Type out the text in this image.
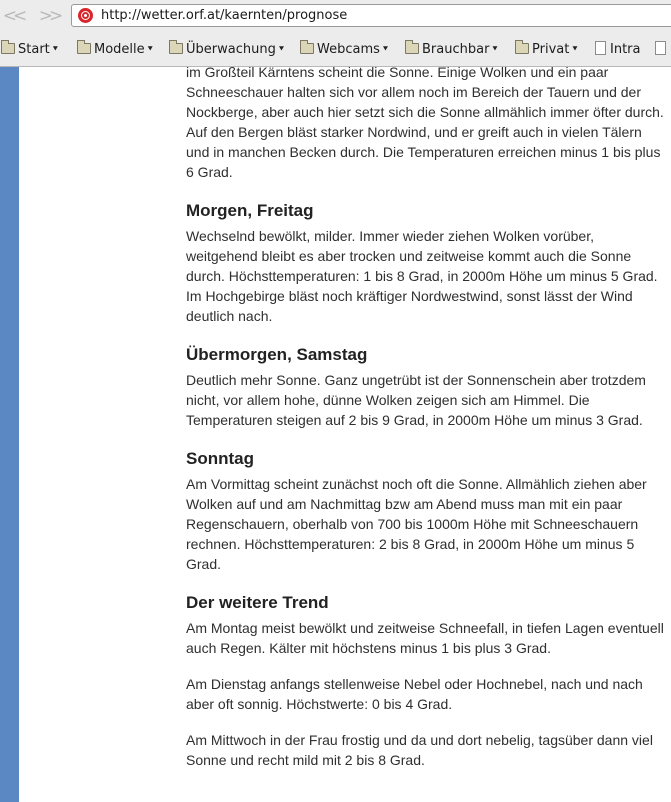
<< >>	http://wetter.orf.at/kaernten/prognose
Start ⯆	Modelle ⯆	Überwachung ⯆	Webcams ⯆	Brauchbar ⯆	Privat ⯆	Intra

im Großteil Kärntens scheint die Sonne. Einige Wolken und ein paar Schneeschauer halten sich vor allem noch im Bereich der Tauern und der Nockberge, aber auch hier setzt sich die Sonne allmählich immer öfter durch. Auf den Bergen bläst starker Nordwind, und er greift auch in vielen Tälern und in manchen Becken durch. Die Temperaturen erreichen minus 1 bis plus 6 Grad.

Morgen, Freitag

Wechselnd bewölkt, milder. Immer wieder ziehen Wolken vorüber, weitgehend bleibt es aber trocken und zeitweise kommt auch die Sonne durch. Höchsttemperaturen: 1 bis 8 Grad, in 2000m Höhe um minus 5 Grad. Im Hochgebirge bläst noch kräftiger Nordwestwind, sonst lässt der Wind deutlich nach.

Übermorgen, Samstag

Deutlich mehr Sonne. Ganz ungetrübt ist der Sonnenschein aber trotzdem nicht, vor allem hohe, dünne Wolken zeigen sich am Himmel. Die Temperaturen steigen auf 2 bis 9 Grad, in 2000m Höhe um minus 3 Grad.

Sonntag

Am Vormittag scheint zunächst noch oft die Sonne. Allmählich ziehen aber Wolken auf und am Nachmittag bzw am Abend muss man mit ein paar Regenschauern, oberhalb von 700 bis 1000m Höhe mit Schneeschauern rechnen. Höchsttemperaturen: 2 bis 8 Grad, in 2000m Höhe um minus 5 Grad.

Der weitere Trend

Am Montag meist bewölkt und zeitweise Schneefall, in tiefen Lagen eventuell auch Regen. Kälter mit höchstens minus 1 bis plus 3 Grad.

Am Dienstag anfangs stellenweise Nebel oder Hochnebel, nach und nach aber oft sonnig. Höchstwerte: 0 bis 4 Grad.

Am Mittwoch in der Frau frostig und da und dort nebelig, tagsüber dann viel Sonne und recht mild mit 2 bis 8 Grad.
